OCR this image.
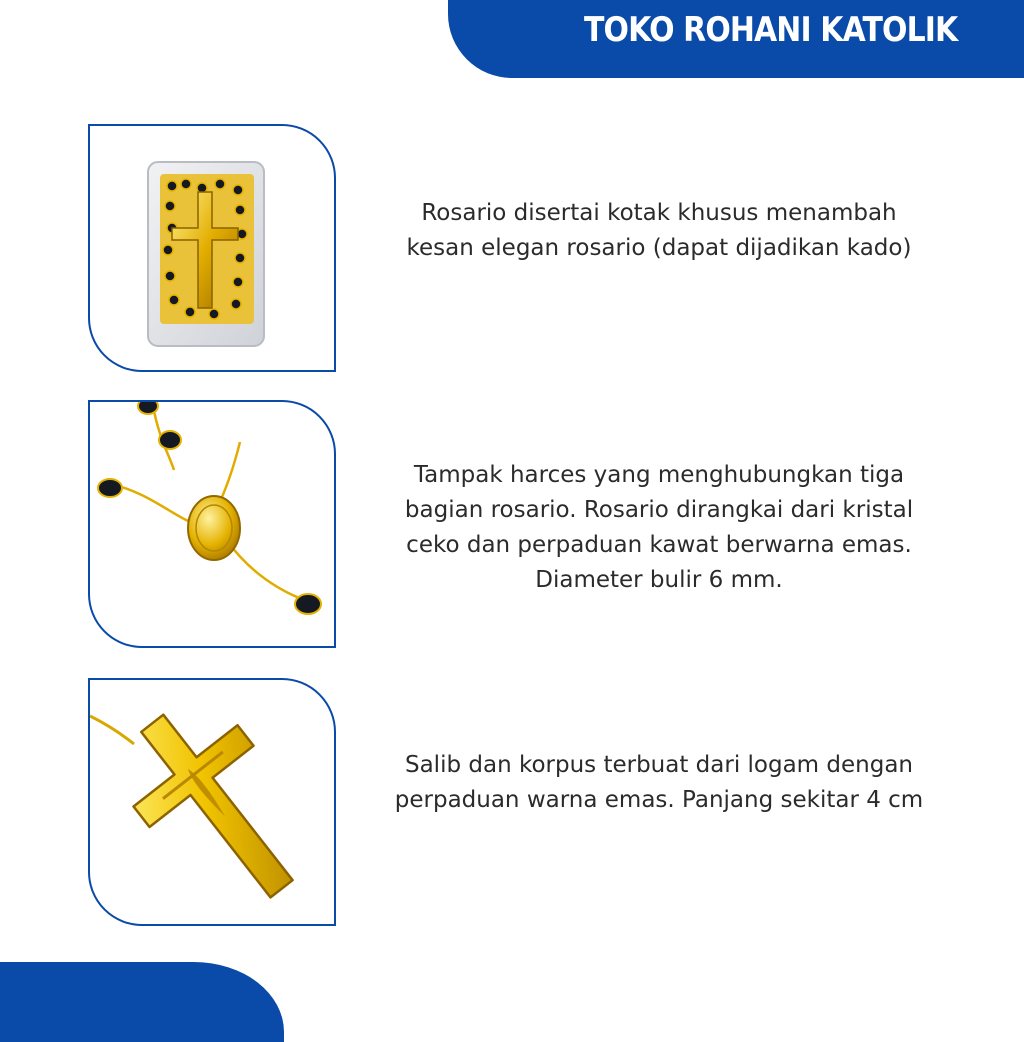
TOKO ROHANI KATOLIK
Rosario disertai kotak khusus menambah
kesan elegan rosario (dapat dijadikan kado)
Tampak harces yang menghubungkan tiga
bagian rosario. Rosario dirangkai dari kristal
ceko dan perpaduan kawat berwarna emas.
Diameter bulir 6 mm.
Salib dan korpus terbuat dari logam dengan
perpaduan warna emas. Panjang sekitar 4 cm
